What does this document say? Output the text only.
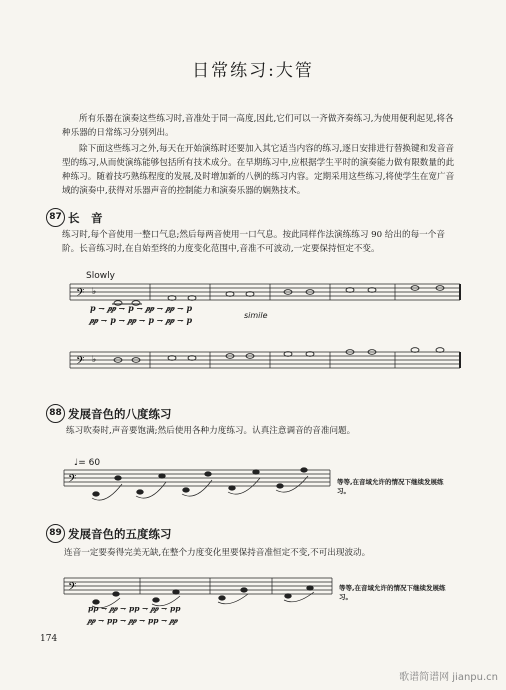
日常练习:大管
所有乐器在演奏这些练习时,音准处于同一高度,因此,它们可以一齐做齐奏练习,为使用便利起见,将各种乐器的日常练习分别列出。
除下面这些练习之外,每天在开始演练时还要加入其它适当内容的练习,逐日安排进行替换键和发音音型的练习,从而使演练能够包括所有技术成分。在早期练习中,应根据学生平时的演奏能力做有限数量的此种练习。随着技巧熟练程度的发展,及时增加新的八例的练习内容。定期采用这些练习,将使学生在宽广音域的演奏中,获得对乐器声音的控制能力和演奏乐器的娴熟技术。
87 长　音
练习时,每个音使用一整口气息;然后每两音使用一口气息。按此同样作法演练练习 90 给出的每一个音阶。长音练习时,在自始至终的力度变化范围中,音准不可波动,一定要保持恒定不变。
Slowly
p ⇁ 𝆏𝆏 ⇁ p ⇁ 𝆏𝆏 ⇁ 𝆏𝆏 ⇁ p
𝆏𝆏 ⇁ p ⇁ 𝆏𝆏 ⇁ p ⇁ 𝆏𝆏 ⇁ p	simile
88 发展音色的八度练习
练习吹奏时,声音要饱满;然后使用各种力度练习。认真注意调音的音准问题。
♩= 60
等等,在音域允许的情况下继续发展练习。
89 发展音色的五度练习
连音一定要奏得完美无缺,在整个力度变化里要保持音准恒定不变,不可出现波动。
等等,在音域允许的情况下继续发展练习。
pp ⇁ 𝆏𝆏 ⇁ pp ⇁ 𝆏𝆏 ⇁ pp
𝆏𝆏 ⇁ pp ⇁ 𝆏𝆏 ⇁ pp ⇁ 𝆏𝆏
174
歌谱简谱网 jianpu.cn
𝄢 ♭
𝄢 ♭
𝄢
𝄢
